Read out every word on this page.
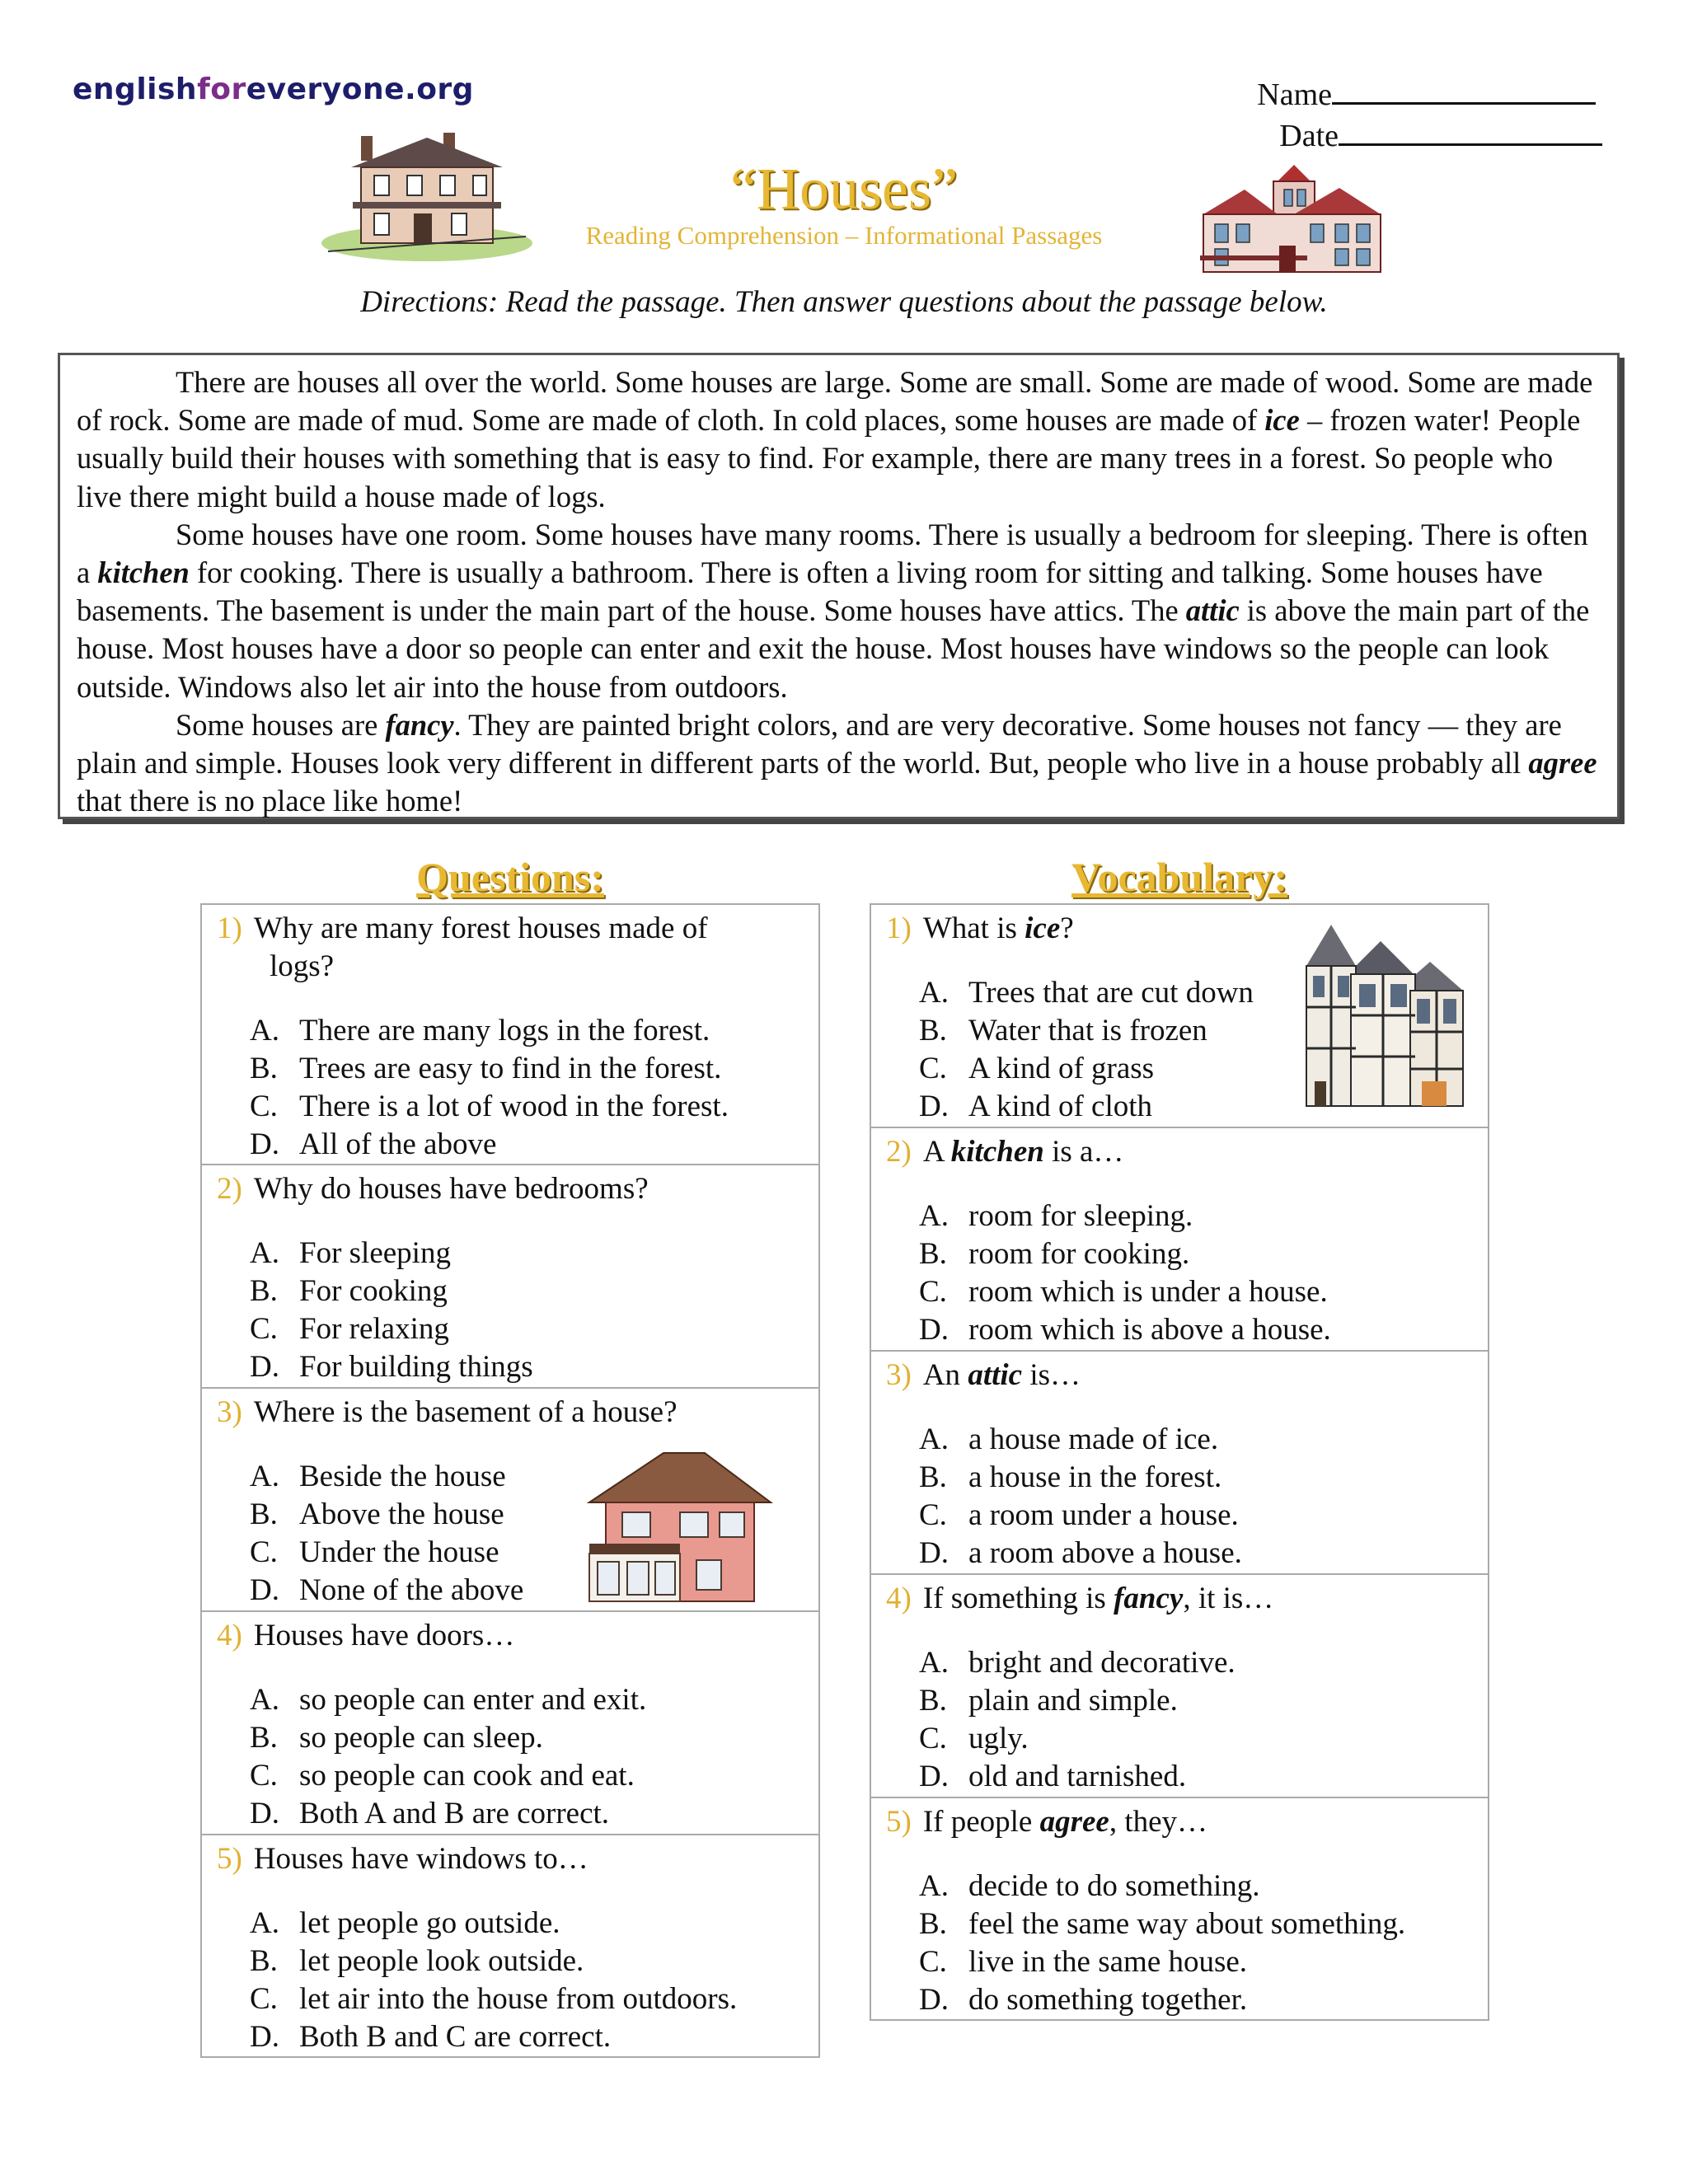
englishforeveryone.org	Name
Date
“Houses”
Reading Comprehension – Informational Passages
Directions: Read the passage. Then answer questions about the passage below.

There are houses all over the world. Some houses are large. Some are small. Some are made of wood. Some are made of rock. Some are made of mud. Some are made of cloth. In cold places, some houses are made of ice – frozen water! People usually build their houses with something that is easy to find. For example, there are many trees in a forest. So people who live there might build a house made of logs.

Some houses have one room. Some houses have many rooms. There is usually a bedroom for sleeping. There is often a kitchen for cooking. There is usually a bathroom. There is often a living room for sitting and talking. Some houses have basements. The basement is under the main part of the house. Some houses have attics. The attic is above the main part of the house. Most houses have a door so people can enter and exit the house. Most houses have windows so the people can look outside. Windows also let air into the house from outdoors.

Some houses are fancy. They are painted bright colors, and are very decorative. Some houses not fancy — they are plain and simple. Houses look very different in different parts of the world. But, people who live in a house probably all agree that there is no place like home!

Questions:	Vocabulary:
1) Why are many forest houses made of
logs?
A. There are many logs in the forest.
B. Trees are easy to find in the forest.
C. There is a lot of wood in the forest.
D. All of the above
2) Why do houses have bedrooms?
A. For sleeping
B. For cooking
C. For relaxing
D. For building things
3) Where is the basement of a house?
A. Beside the house
B. Above the house
C. Under the house
D. None of the above
4) Houses have doors…
A. so people can enter and exit.
B. so people can sleep.
C. so people can cook and eat.
D. Both A and B are correct.
5) Houses have windows to…
A. let people go outside.
B. let people look outside.
C. let air into the house from outdoors.
D. Both B and C are correct.
1) What is ice?
A. Trees that are cut down
B. Water that is frozen
C. A kind of grass
D. A kind of cloth
2) A kitchen is a…
A. room for sleeping.
B. room for cooking.
C. room which is under a house.
D. room which is above a house.
3) An attic is…
A. a house made of ice.
B. a house in the forest.
C. a room under a house.
D. a room above a house.
4) If something is fancy, it is…
A. bright and decorative.
B. plain and simple.
C. ugly.
D. old and tarnished.
5) If people agree, they…
A. decide to do something.
B. feel the same way about something.
C. live in the same house.
D. do something together.
